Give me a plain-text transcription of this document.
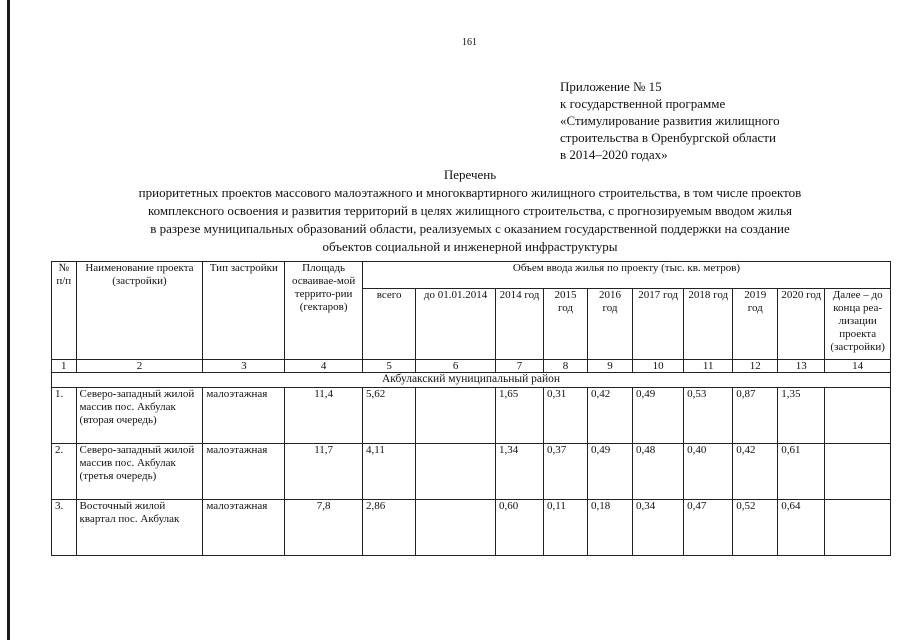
161
Приложение № 15
к государственной программе
«Стимулирование развития жилищного
строительства в Оренбургской области
в 2014–2020 годах»
Перечень
приоритетных проектов массового малоэтажного и многоквартирного жилищного строительства, в том числе проектов
комплексного освоения и развития территорий в целях жилищного строительства, с прогнозируемым вводом жилья
в разрезе муниципальных образований области, реализуемых с оказанием государственной поддержки на создание
объектов социальной и инженерной инфраструктуры
№ п/п	Наименование проекта (застройки)	Тип застройки	Площадь осваивае-мой террито-рии (гектаров)	Объем ввода жилья по проекту (тыс. кв. метров)									
				всего	до 01.01.2014	2014 год	2015 год	2016 год	2017 год	2018 год	2019 год	2020 год	Далее – до конца реа-лизации проекта (застройки)
1	2	3	4	5	6	7	8	9	10	11	12	13	14
Акбулакский муниципальный район													
1.	Северо-западный жилой массив пос. Акбулак (вторая очередь)	малоэтажная	11,4	5,62		1,65	0,31	0,42	0,49	0,53	0,87	1,35	
2.	Северо-западный жилой массив пос. Акбулак (третья очередь)	малоэтажная	11,7	4,11		1,34	0,37	0,49	0,48	0,40	0,42	0,61	
3.	Восточный жилой квартал пос. Акбулак	малоэтажная	7,8	2,86		0,60	0,11	0,18	0,34	0,47	0,52	0,64	
